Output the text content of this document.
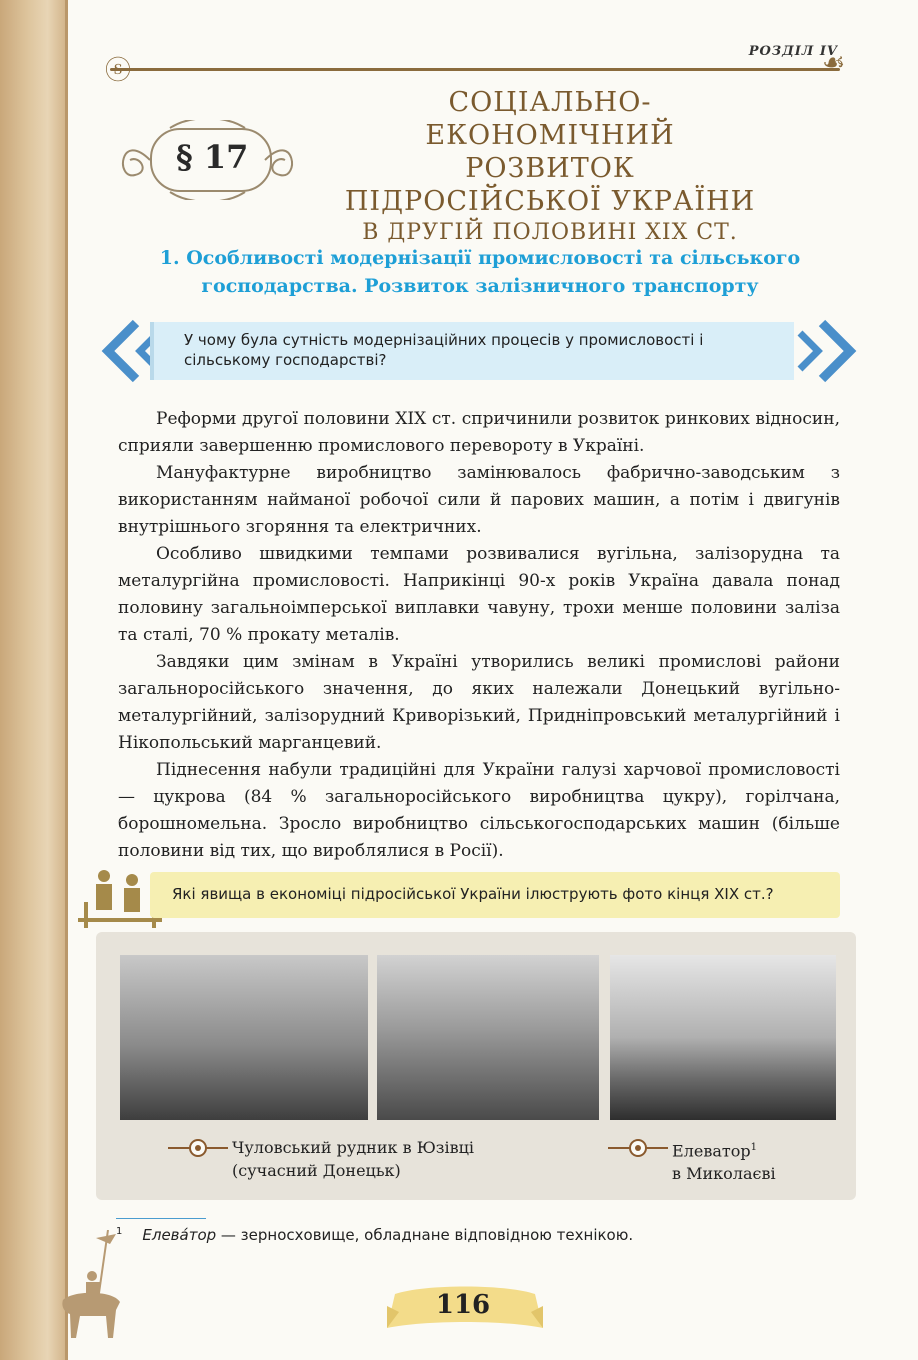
РОЗДІЛ IV
ⓢ	☙
§ 17
СОЦІАЛЬНО-ЕКОНОМІЧНИЙ
РОЗВИТОК
ПІДРОСІЙСЬКОЇ УКРАЇНИ
В ДРУГІЙ ПОЛОВИНІ XIX СТ.
1. Особливості модернізації промисловості та сільського
господарства. Розвиток залізничного транспорту

У чому була сутність модернізаційних процесів у промисловості і сільському господарстві?

Реформи другої половини XIX ст. спричинили розвиток ринкових відносин, сприяли завершенню промислового перевороту в Україні.

Мануфактурне виробництво замінювалось фабрично-заводським з використанням найманої робочої сили й парових машин, а потім і двигунів внутрішнього згоряння та електричних.

Особливо швидкими темпами розвивалися вугільна, залізорудна та металургійна промисловості. Наприкінці 90-х років Україна давала понад половину загальноімперської виплавки чавуну, трохи менше половини заліза та сталі, 70 % прокату металів.

Завдяки цим змінам в Україні утворились великі промислові райони загальноросійського значення, до яких належали Донецький вугільно-металургійний, залізорудний Криворізький, Придніпровський металургійний і Нікопольський марганцевий.

Піднесення набули традиційні для України галузі харчової промисловості — цукрова (84 % загальноросійського виробництва цукру), горілчана, борошномельна. Зросло виробництво сільськогосподарських машин (більше половини від тих, що вироблялися в Росії).

Які явища в економіці підросійської України ілюструють фото кінця XIX ст.?

Чуловський рудник в Юзівці
(сучасний Донецьк)
Елеватор$^1$
в Миколаєві
$^1$ Елева́тор — зерносховище, обладнане відповідною технікою.
116
